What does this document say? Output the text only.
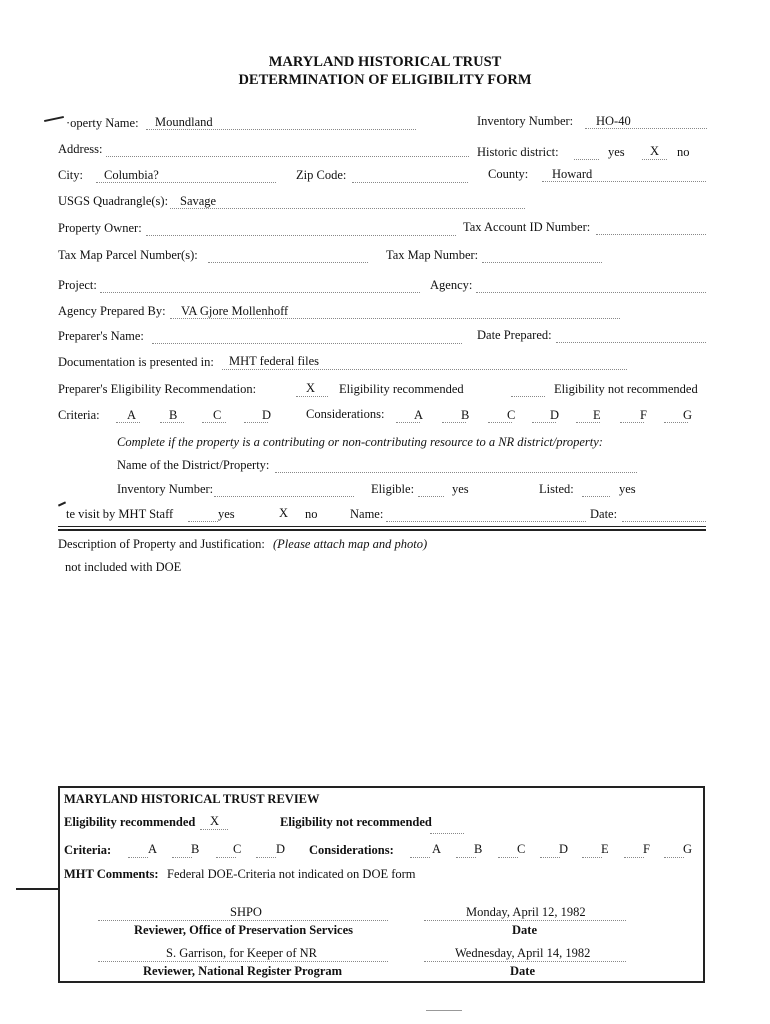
MARYLAND HISTORICAL TRUST
DETERMINATION OF ELIGIBILITY FORM
·operty Name: Moundland	Inventory Number: HO-40
Address:	Historic district:	yes X no
City: Columbia?	Zip Code:	County: Howard
USGS Quadrangle(s): Savage
Property Owner:	Tax Account ID Number:
Tax Map Parcel Number(s):	Tax Map Number:
Project:	Agency:
Agency Prepared By: VA Gjore Mollenhoff
Preparer's Name:	Date Prepared:
Documentation is presented in: MHT federal files
Preparer's Eligibility Recommendation:	X Eligibility recommended	Eligibility not recommended
Criteria: A	B	C	D	Considerations: A	B	C	D	E	F	G
Complete if the property is a contributing or non-contributing resource to a NR district/property:
Name of the District/Property:
Inventory Number:	Eligible:	yes	Listed:	yes
te visit by MHT Staff	yes	X no	Name:	Date:
Description of Property and Justification: (Please attach map and photo)
not included with DOE
MARYLAND HISTORICAL TRUST REVIEW
Eligibility recommended X	Eligibility not recommended
Criteria:	A	B	C	D Considerations:	A	B	C	D	E	F	G
MHT Comments: Federal DOE-Criteria not indicated on DOE form
SHPO
Reviewer, Office of Preservation Services
Monday, April 12, 1982
Date
S. Garrison, for Keeper of NR
Reviewer, National Register Program
Wednesday, April 14, 1982
Date
